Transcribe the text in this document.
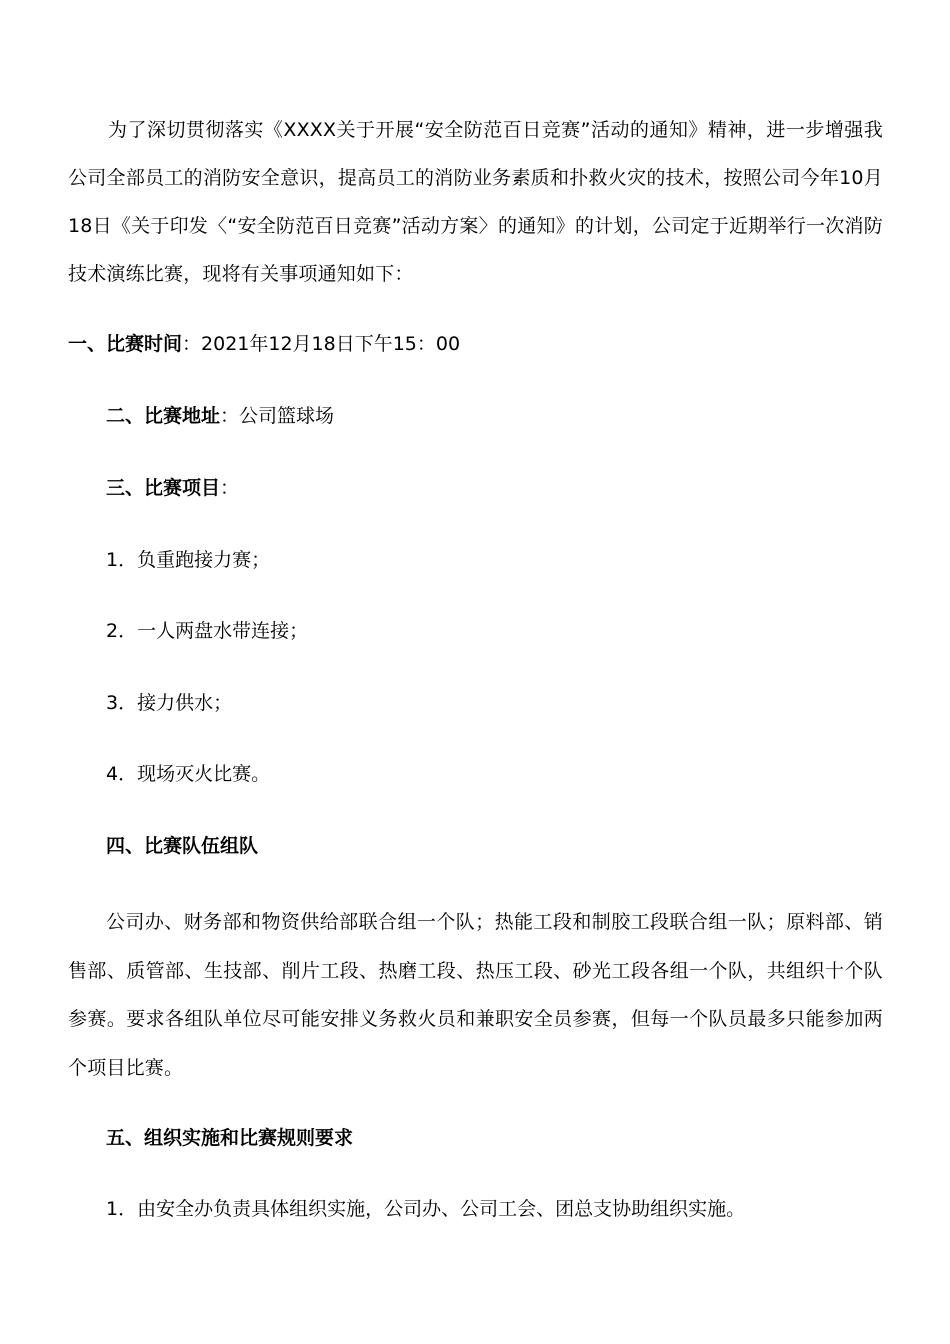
为了深切贯彻落实《XXXX关于开展“安全防范百日竞赛”活动的通知》精神，进一步增强我公司全部员工的消防安全意识，提高员工的消防业务素质和扑救火灾的技术，按照公司今年10月18日《关于印发〈“安全防范百日竞赛”活动方案〉的通知》的计划，公司定于近期举行一次消防技术演练比赛，现将有关事项通知如下：
一、比赛时间：2021年12月18日下午15：00
二、比赛地址：公司篮球场
三、比赛项目：
1．负重跑接力赛；
2．一人两盘水带连接；
3．接力供水；
4．现场灭火比赛。
四、比赛队伍组队
公司办、财务部和物资供给部联合组一个队；热能工段和制胶工段联合组一队；原料部、销售部、质管部、生技部、削片工段、热磨工段、热压工段、砂光工段各组一个队，共组织十个队参赛。要求各组队单位尽可能安排义务救火员和兼职安全员参赛，但每一个队员最多只能参加两个项目比赛。
五、组织实施和比赛规则要求
1．由安全办负责具体组织实施，公司办、公司工会、团总支协助组织实施。
